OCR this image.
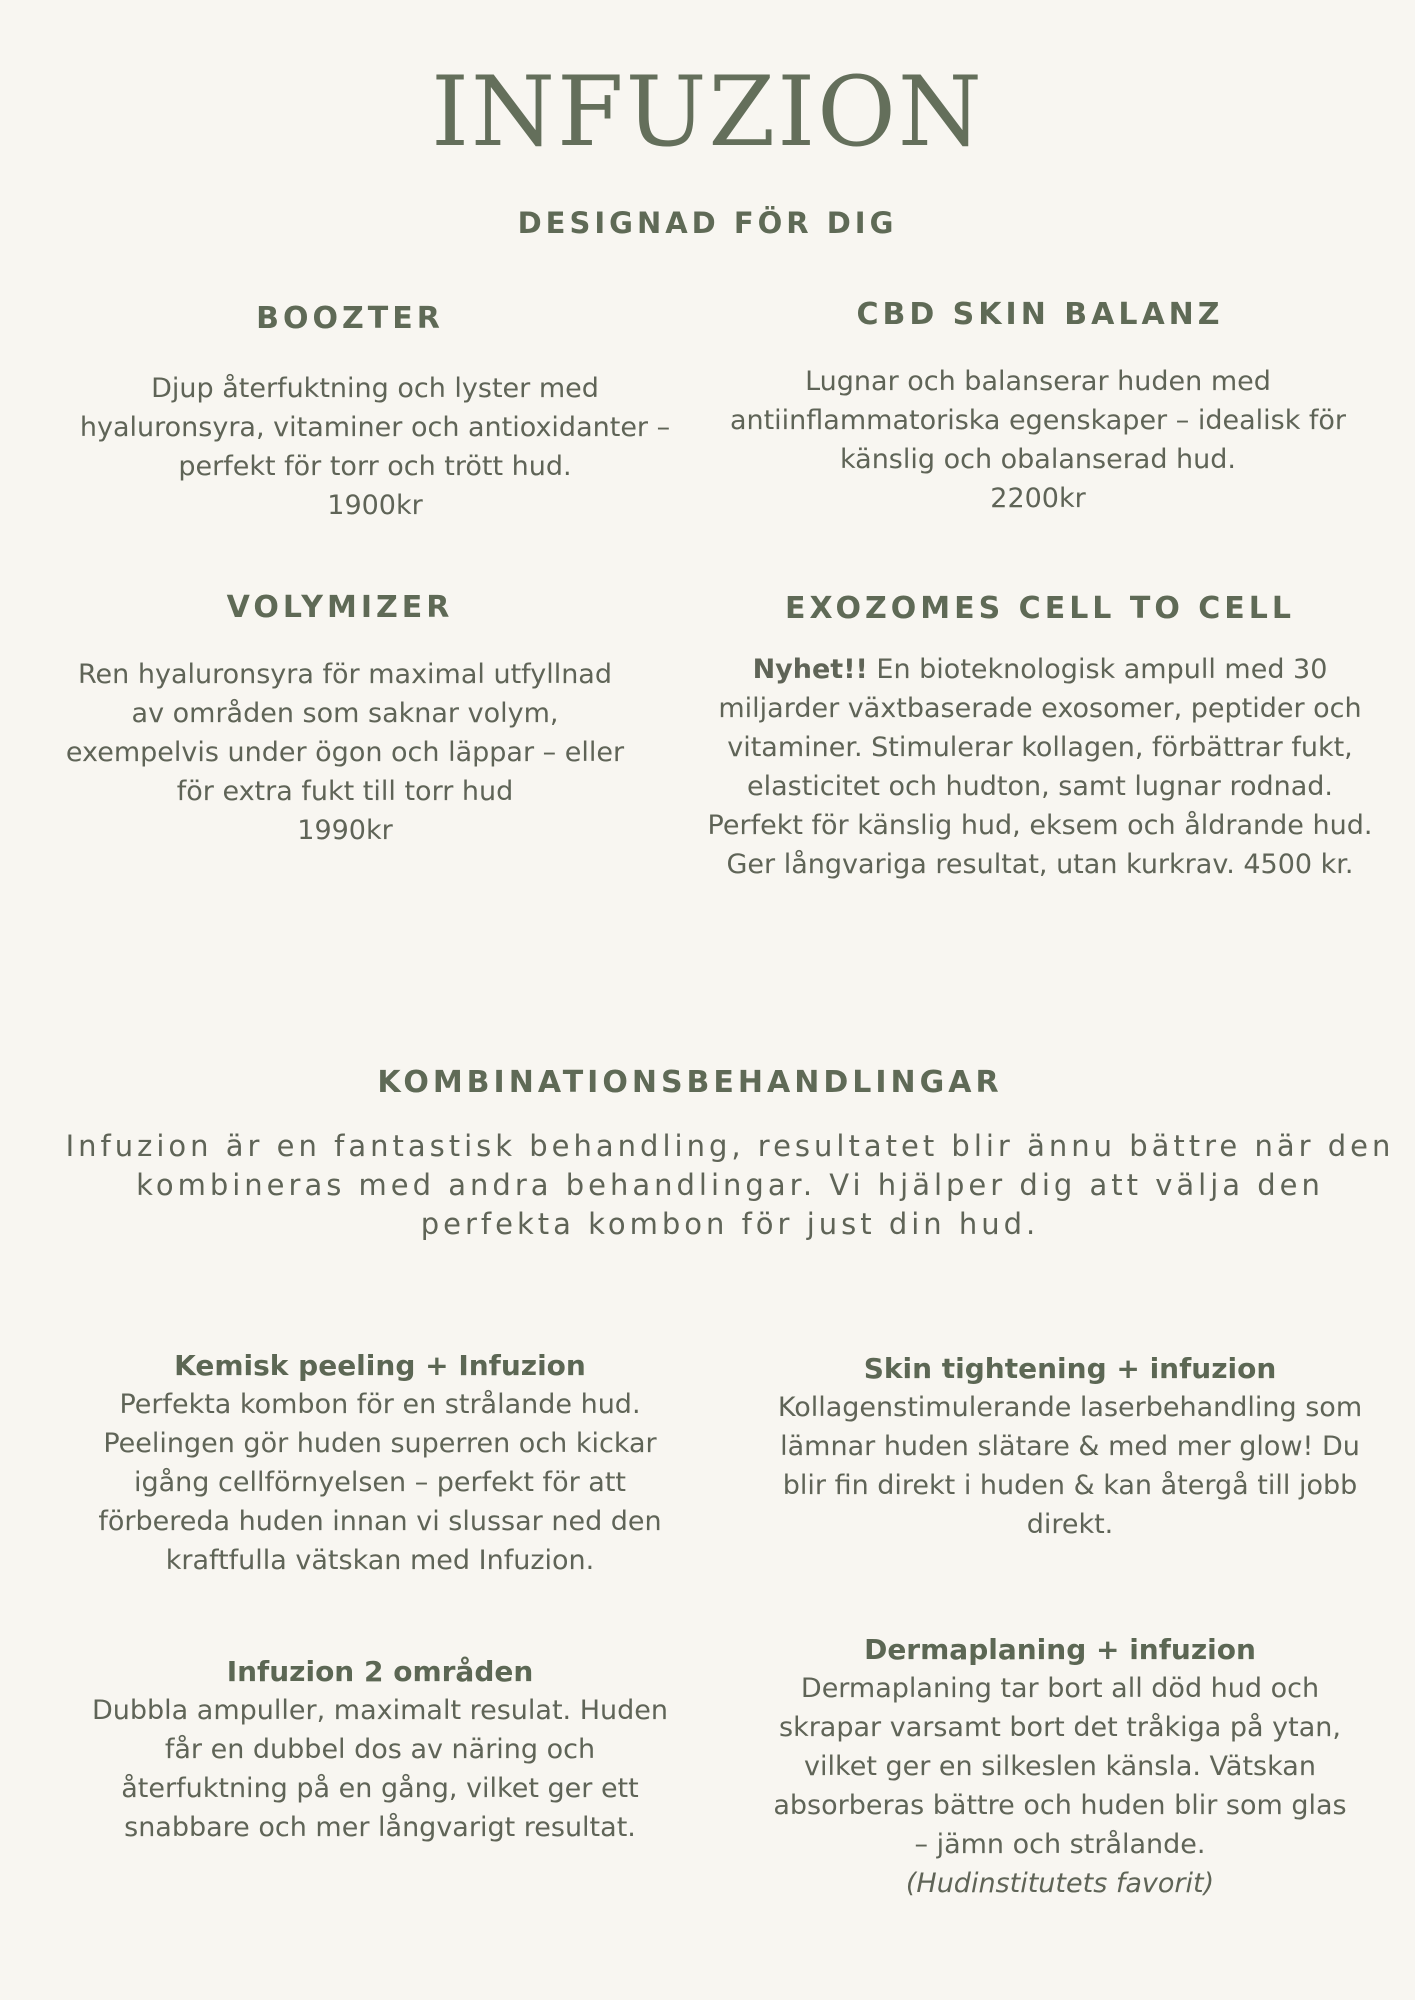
INFUZION
DESIGNAD FÖR DIG
BOOZTER
Djup återfuktning och lyster med hyaluronsyra, vitaminer och antioxidanter – perfekt för torr och trött hud.
1900kr
CBD SKIN BALANZ
Lugnar och balanserar huden med antiinflammatoriska egenskaper – idealisk för känslig och obalanserad hud.
2200kr
VOLYMIZER
Ren hyaluronsyra för maximal utfyllnad av områden som saknar volym, exempelvis under ögon och läppar – eller för extra fukt till torr hud
1990kr
EXOZOMES CELL TO CELL
Nyhet!! En bioteknologisk ampull med 30 miljarder växtbaserade exosomer, peptider och vitaminer. Stimulerar kollagen, förbättrar fukt, elasticitet och hudton, samt lugnar rodnad. Perfekt för känslig hud, eksem och åldrande hud. Ger långvariga resultat, utan kurkrav. 4500 kr.
KOMBINATIONSBEHANDLINGAR
Infuzion är en fantastisk behandling, resultatet blir ännu bättre när den kombineras med andra behandlingar. Vi hjälper dig att välja den perfekta kombon för just din hud.
Kemisk peeling + Infuzion
Perfekta kombon för en strålande hud. Peelingen gör huden superren och kickar igång cellförnyelsen – perfekt för att förbereda huden innan vi slussar ned den kraftfulla vätskan med Infuzion.
Skin tightening + infuzion
Kollagenstimulerande laserbehandling som lämnar huden slätare & med mer glow! Du blir fin direkt i huden & kan återgå till jobb direkt.
Infuzion 2 områden
Dubbla ampuller, maximalt resulat. Huden får en dubbel dos av näring och återfuktning på en gång, vilket ger ett snabbare och mer långvarigt resultat.
Dermaplaning + infuzion
Dermaplaning tar bort all död hud och skrapar varsamt bort det tråkiga på ytan, vilket ger en silkeslen känsla. Vätskan absorberas bättre och huden blir som glas – jämn och strålande.
(Hudinstitutets favorit)
